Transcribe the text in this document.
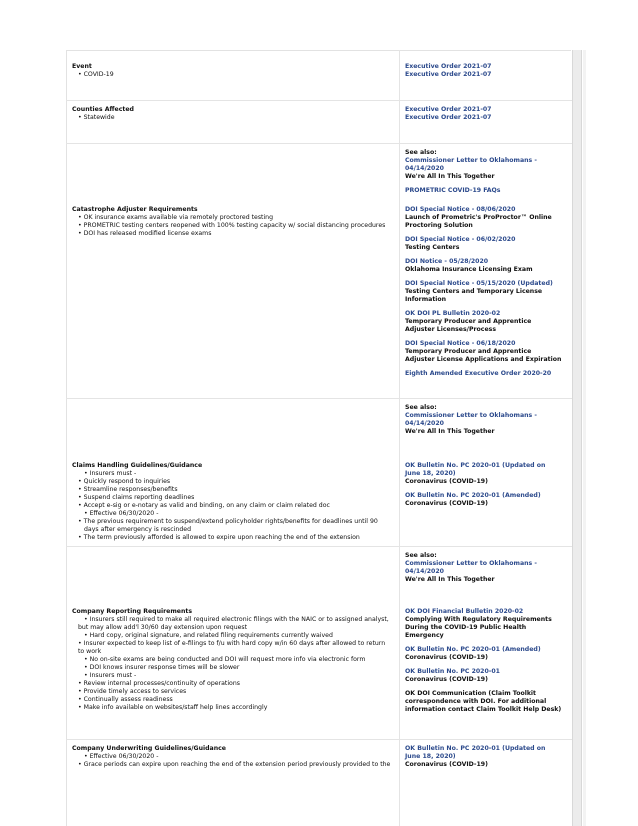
Event
• COVID-19
Executive Order 2021-07
Executive Order 2021-07
Counties Affected
• Statewide
Executive Order 2021-07
Executive Order 2021-07
See also:
Commissioner Letter to Oklahomans -
04/14/2020
We're All In This Together
PROMETRIC COVID-19 FAQs
Catastrophe Adjuster Requirements
• OK insurance exams available via remotely proctored testing
• PROMETRIC testing centers reopened with 100% testing capacity w/ social distancing procedures
• DOI has released modified license exams
DOI Special Notice - 08/06/2020
Launch of Prometric's ProProctor™ Online
Proctoring Solution
DOI Special Notice - 06/02/2020
Testing Centers
DOI Notice - 05/28/2020
Oklahoma Insurance Licensing Exam
DOI Special Notice - 05/15/2020 (Updated)
Testing Centers and Temporary License
Information
OK DOI PL Bulletin 2020-02
Temporary Producer and Apprentice
Adjuster Licenses/Process
DOI Special Notice - 06/18/2020
Temporary Producer and Apprentice
Adjuster License Applications and Expiration
Eighth Amended Executive Order 2020-20
See also:
Commissioner Letter to Oklahomans -
04/14/2020
We're All In This Together
Claims Handling Guidelines/Guidance
• Insurers must -
• Quickly respond to inquiries
• Streamline responses/benefits
• Suspend claims reporting deadlines
• Accept e-sig or e-notary as valid and binding, on any claim or claim related doc
• Effective 06/30/2020 -
• The previous requirement to suspend/extend policyholder rights/benefits for deadlines until 90
days after emergency is rescinded
• The term previously afforded is allowed to expire upon reaching the end of the extension
OK Bulletin No. PC 2020-01 (Updated on
June 18, 2020)
Coronavirus (COVID-19)
OK Bulletin No. PC 2020-01 (Amended)
Coronavirus (COVID-19)
See also:
Commissioner Letter to Oklahomans -
04/14/2020
We're All In This Together
Company Reporting Requirements
• Insurers still required to make all required electronic filings with the NAIC or to assigned analyst,
but may allow add'l 30/60 day extension upon request
• Hard copy, original signature, and related filing requirements currently waived
• Insurer expected to keep list of e-filings to f/u with hard copy w/in 60 days after allowed to return
to work
• No on-site exams are being conducted and DOI will request more info via electronic form
• DOI knows insurer response times will be slower
• Insurers must -
• Review internal processes/continuity of operations
• Provide timely access to services
• Continually assess readiness
• Make info available on websites/staff help lines accordingly
OK DOI Financial Bulletin 2020-02
Complying With Regulatory Requirements
During the COVID-19 Public Health
Emergency
OK Bulletin No. PC 2020-01 (Amended)
Coronavirus (COVID-19)
OK Bulletin No. PC 2020-01
Coronavirus (COVID-19)
OK DOI Communication (Claim Toolkit
correspondence with DOI. For additional
information contact Claim Toolkit Help Desk)
Company Underwriting Guidelines/Guidance
• Effective 06/30/2020 -
• Grace periods can expire upon reaching the end of the extension period previously provided to the
OK Bulletin No. PC 2020-01 (Updated on
June 18, 2020)
Coronavirus (COVID-19)
